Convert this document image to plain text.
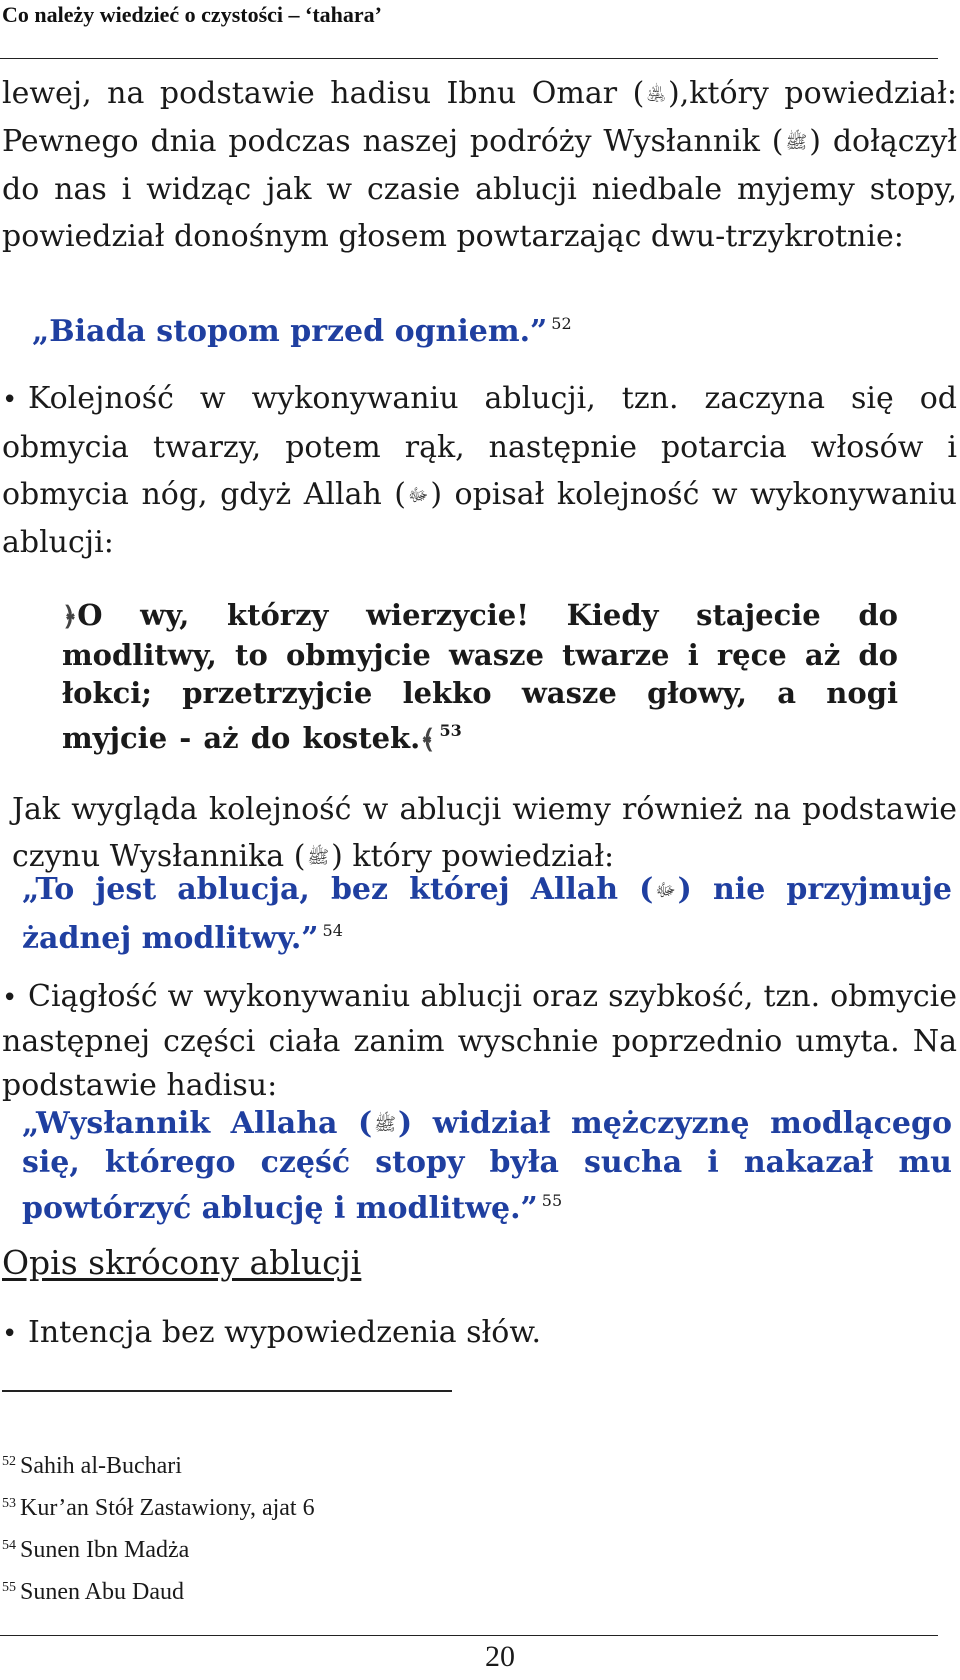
Co należy wiedzieć o czystości – ‘tahara’
lewej, na podstawie hadisu Ibnu Omar ( ﵁),który powiedział: Pewnego dnia podczas naszej podróży Wysłannik ( ﷺ) dołączył do nas i widząc jak w czasie ablucji niedbale myjemy stopy, powiedział donośnym głosem powtarzając dwu-trzykrotnie:
„Biada stopom przed ogniem.” $^{52}$
• Kolejność w wykonywaniu ablucji, tzn. zaczyna się od obmycia twarzy, potem rąk, następnie potarcia włosów i obmycia nóg, gdyż Allah ( ﷻ) opisał kolejność w wykonywaniu ablucji:
﴿O wy, którzy wierzycie! Kiedy stajecie do modlitwy, to obmyjcie wasze twarze i ręce aż do łokci; przetrzyjcie lekko wasze głowy, a nogi myjcie - aż do kostek.﴾ $^{53}$
Jak wygląda kolejność w ablucji wiemy również na podstawie czynu Wysłannika ( ﷺ) który powiedział:
„To jest ablucja, bez której Allah ( ﷻ) nie przyjmuje żadnej modlitwy.” $^{54}$
• Ciągłość w wykonywaniu ablucji oraz szybkość, tzn. obmycie następnej części ciała zanim wyschnie poprzednio umyta. Na podstawie hadisu:
„Wysłannik Allaha ( ﷺ) widział mężczyznę modlącego się, którego część stopy była sucha i nakazał mu powtórzyć ablucję i modlitwę.” $^{55}$
Opis skrócony ablucji
• Intencja bez wypowiedzenia słów.
$^{52}$ Sahih al-Buchari
$^{53}$ Kur’an Stół Zastawiony, ajat 6
$^{54}$ Sunen Ibn Madża
$^{55}$ Sunen Abu Daud
20
